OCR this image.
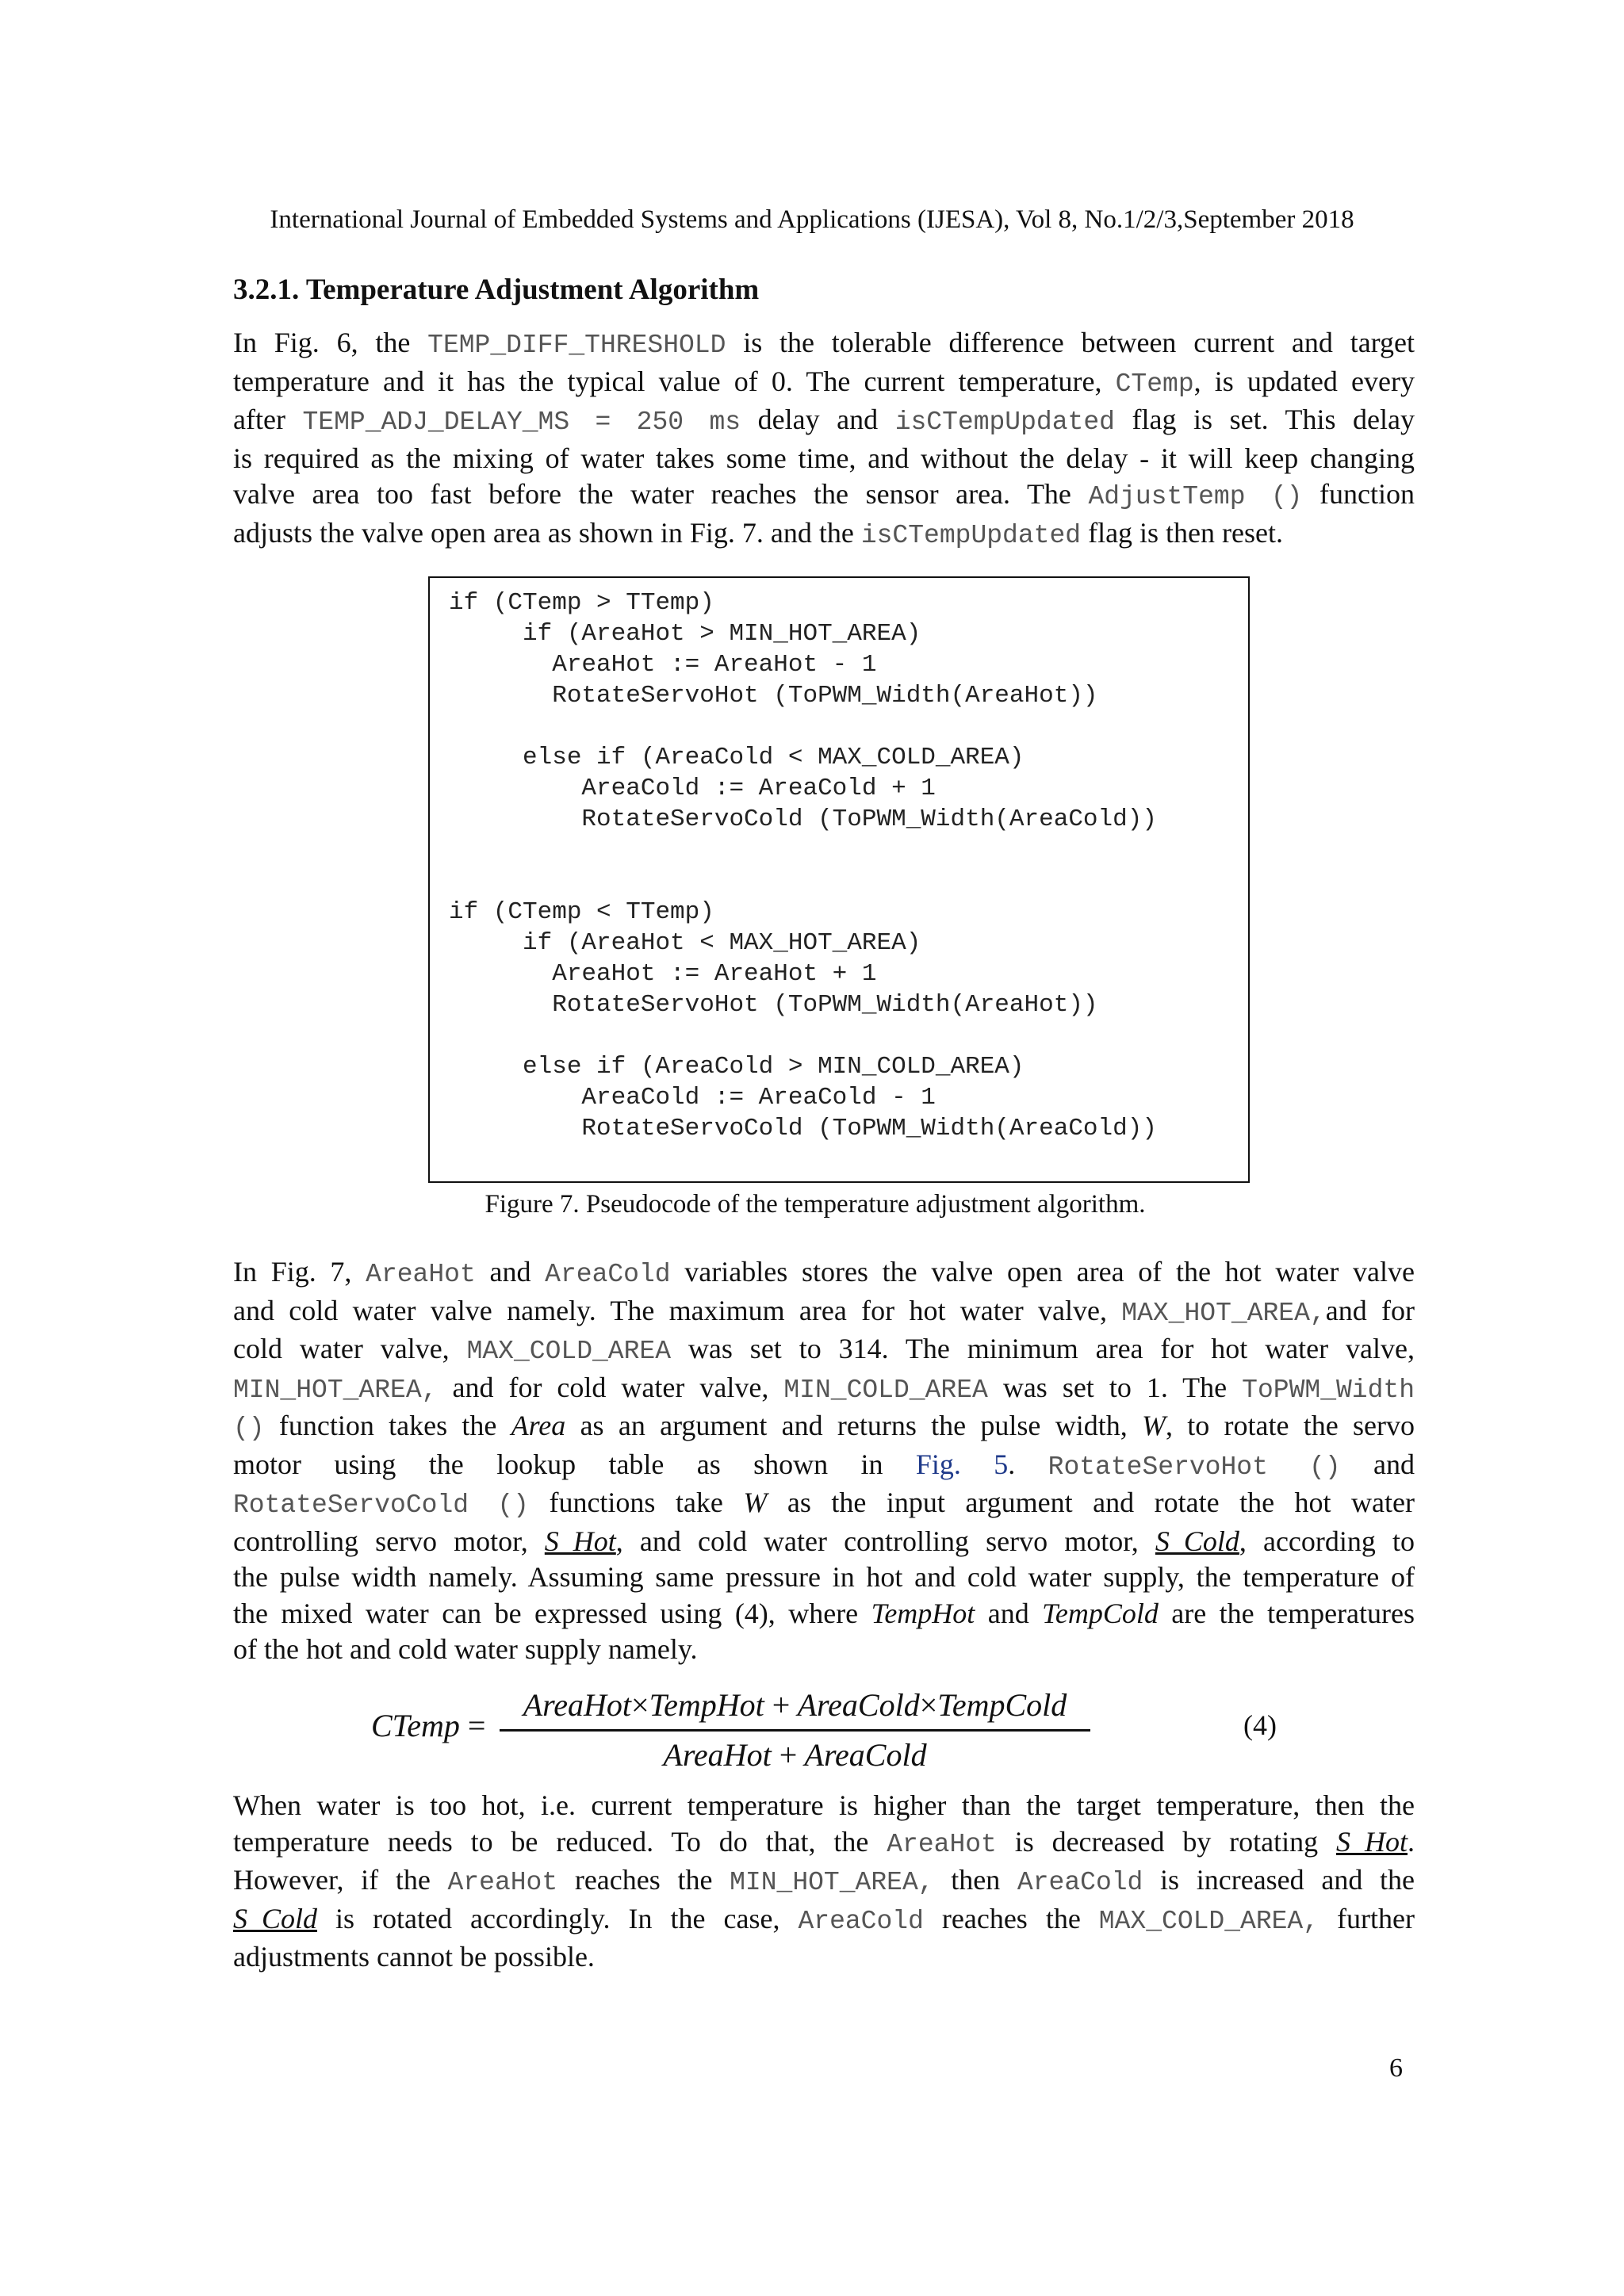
International Journal of Embedded Systems and Applications (IJESA), Vol 8, No.1/2/3,September 2018
3.2.1. Temperature Adjustment Algorithm
In Fig. 6, the TEMP_DIFF_THRESHOLD is the tolerable difference between current and target
temperature and it has the typical value of 0. The current temperature, CTemp, is updated every
after TEMP_ADJ_DELAY_MS = 250 ms delay and isCTempUpdated flag is set. This delay
is required as the mixing of water takes some time, and without the delay - it will keep changing
valve area too fast before the water reaches the sensor area. The AdjustTemp () function
adjusts the valve open area as shown in Fig. 7. and the isCTempUpdated flag is then reset.
if (CTemp > TTemp)
if (AreaHot > MIN_HOT_AREA)
AreaHot := AreaHot - 1
RotateServoHot (ToPWM_Width(AreaHot))

else if (AreaCold < MAX_COLD_AREA)
AreaCold := AreaCold + 1
RotateServoCold (ToPWM_Width(AreaCold))

if (CTemp < TTemp)
if (AreaHot < MAX_HOT_AREA)
AreaHot := AreaHot + 1
RotateServoHot (ToPWM_Width(AreaHot))

else if (AreaCold > MIN_COLD_AREA)
AreaCold := AreaCold - 1
RotateServoCold (ToPWM_Width(AreaCold))
Figure 7. Pseudocode of the temperature adjustment algorithm.
In Fig. 7, AreaHot and AreaCold variables stores the valve open area of the hot water valve
and cold water valve namely. The maximum area for hot water valve, MAX_HOT_AREA,and for
cold water valve, MAX_COLD_AREA was set to 314. The minimum area for hot water valve,
MIN_HOT_AREA, and for cold water valve, MIN_COLD_AREA was set to 1. The ToPWM_Width
() function takes the Area as an argument and returns the pulse width, W, to rotate the servo
motor using the lookup table as shown in Fig. 5. RotateServoHot () and
RotateServoCold () functions take W as the input argument and rotate the hot water
controlling servo motor, S_Hot, and cold water controlling servo motor, S_Cold, according to
the pulse width namely. Assuming same pressure in hot and cold water supply, the temperature of
the mixed water can be expressed using (4), where TempHot and TempCold are the temperatures
of the hot and cold water supply namely.
CTemp =
AreaHot×TempHot + AreaCold×TempCold
AreaHot + AreaCold
(4)
When water is too hot, i.e. current temperature is higher than the target temperature, then the
temperature needs to be reduced. To do that, the AreaHot is decreased by rotating S_Hot.
However, if the AreaHot reaches the MIN_HOT_AREA, then AreaCold is increased and the
S_Cold is rotated accordingly. In the case, AreaCold reaches the MAX_COLD_AREA, further
adjustments cannot be possible.
6
